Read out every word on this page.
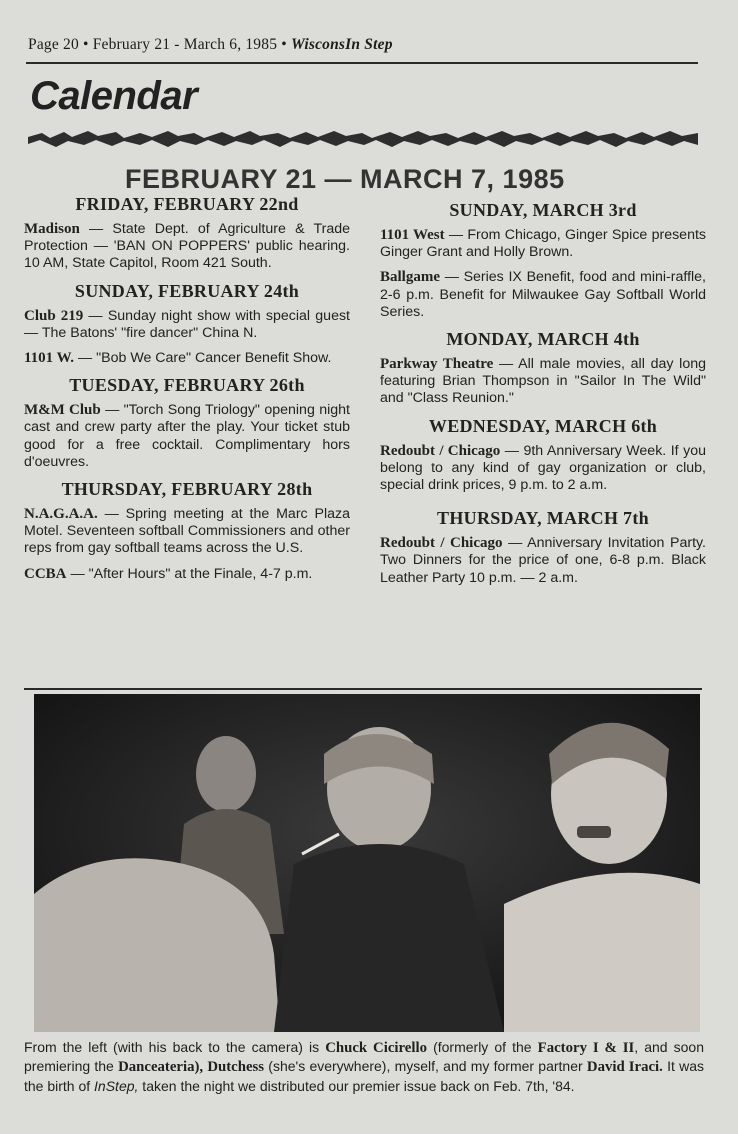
Page 20 • February 21 - March 6, 1985 • WisconsIn Step
Calendar
FEBRUARY 21 — MARCH 7, 1985
FRIDAY, FEBRUARY 22nd

Madison — State Dept. of Agriculture & Trade Protection — 'BAN ON POPPERS' public hearing. 10 AM, State Capitol, Room 421 South.

SUNDAY, FEBRUARY 24th

Club 219 — Sunday night show with special guest — The Batons' "fire dancer" China N.

1101 W. — "Bob We Care" Cancer Benefit Show.

TUESDAY, FEBRUARY 26th

M&M Club — "Torch Song Triology" opening night cast and crew party after the play. Your ticket stub good for a free cocktail. Complimentary hors d'oeuvres.

THURSDAY, FEBRUARY 28th

N.A.G.A.A. — Spring meeting at the Marc Plaza Motel. Seventeen softball Commissioners and other reps from gay softball teams across the U.S.

CCBA — "After Hours" at the Finale, 4-7 p.m.

SUNDAY, MARCH 3rd

1101 West — From Chicago, Ginger Spice presents Ginger Grant and Holly Brown.

Ballgame — Series IX Benefit, food and mini-raffle, 2-6 p.m. Benefit for Milwaukee Gay Softball World Series.

MONDAY, MARCH 4th

Parkway Theatre — All male movies, all day long featuring Brian Thompson in "Sailor In The Wild" and "Class Reunion."

WEDNESDAY, MARCH 6th

Redoubt / Chicago — 9th Anniversary Week. If you belong to any kind of gay organization or club, special drink prices, 9 p.m. to 2 a.m.

THURSDAY, MARCH 7th

Redoubt / Chicago — Anniversary Invitation Party. Two Dinners for the price of one, 6-8 p.m. Black Leather Party 10 p.m. — 2 a.m.

From the left (with his back to the camera) is Chuck Cicirello (formerly of the Factory I & II, and soon premiering the Danceateria), Dutchess (she's everywhere), myself, and my former partner David Iraci. It was the birth of InStep, taken the night we distributed our premier issue back on Feb. 7th, '84.
